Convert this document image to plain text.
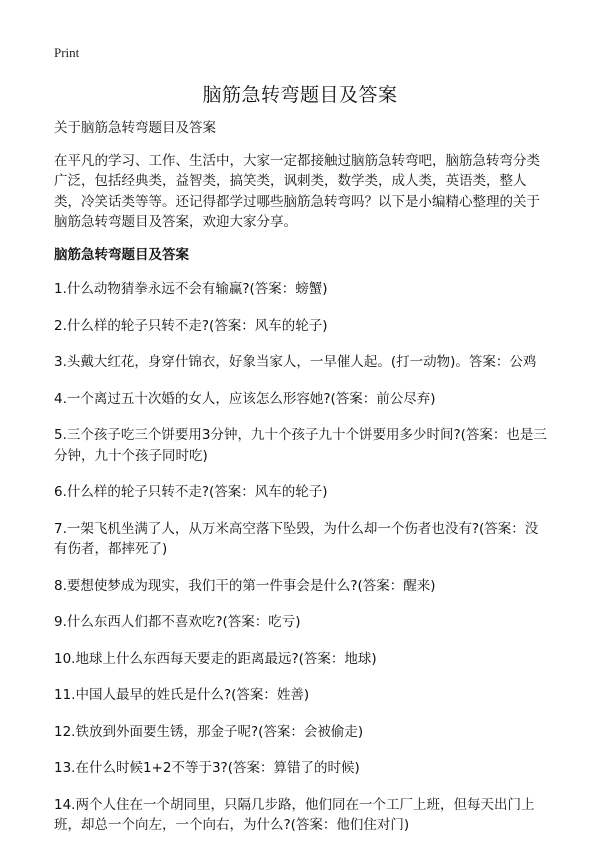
Print
脑筋急转弯题目及答案

关于脑筋急转弯题目及答案

在平凡的学习、工作、生活中，大家一定都接触过脑筋急转弯吧，脑筋急转弯分类广泛，包括经典类，益智类，搞笑类，讽刺类，数学类，成人类，英语类，整人类，冷笑话类等等。还记得都学过哪些脑筋急转弯吗？以下是小编精心整理的关于脑筋急转弯题目及答案，欢迎大家分享。

脑筋急转弯题目及答案

1.什么动物猜拳永远不会有输赢?(答案：螃蟹)
2.什么样的轮子只转不走?(答案：风车的轮子)
3.头戴大红花，身穿什锦衣，好象当家人，一早催人起。(打一动物)。答案：公鸡
4.一个离过五十次婚的女人，应该怎么形容她?(答案：前公尽弃)
5.三个孩子吃三个饼要用3分钟，九十个孩子九十个饼要用多少时间?(答案：也是三分钟，九十个孩子同时吃)
6.什么样的轮子只转不走?(答案：风车的轮子)
7.一架飞机坐满了人，从万米高空落下坠毁，为什么却一个伤者也没有?(答案：没有伤者，都摔死了)
8.要想使梦成为现实，我们干的第一件事会是什么?(答案：醒来)
9.什么东西人们都不喜欢吃?(答案：吃亏)
10.地球上什么东西每天要走的距离最远?(答案：地球)
11.中国人最早的姓氏是什么?(答案：姓善)
12.铁放到外面要生锈，那金子呢?(答案：会被偷走)
13.在什么时候1+2不等于3?(答案：算错了的时候)
14.两个人住在一个胡同里，只隔几步路，他们同在一个工厂上班，但每天出门上班，却总一个向左，一个向右，为什么?(答案：他们住对门)
